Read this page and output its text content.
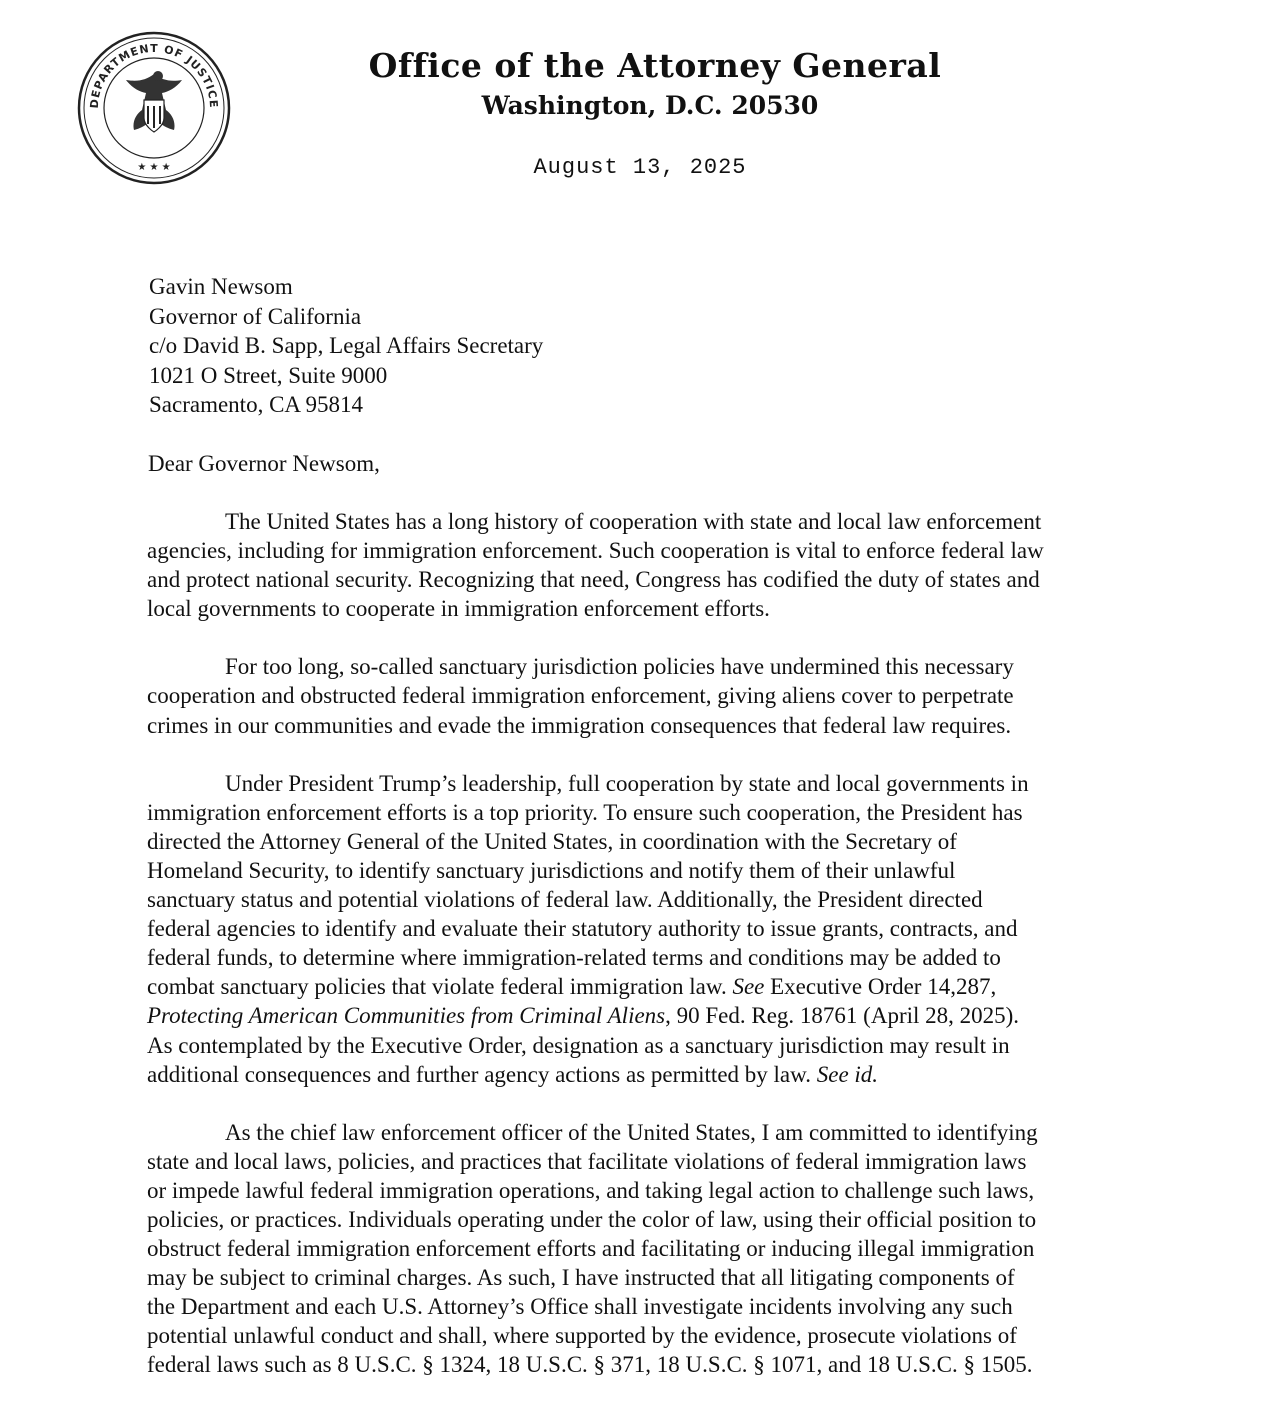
DEPARTMENT OF JUSTICE
★ ★ ★
Office of the Attorney General
Washington, D.C. 20530
August 13, 2025
Gavin Newsom
Governor of California
c/o David B. Sapp, Legal Affairs Secretary
1021 O Street, Suite 9000
Sacramento, CA 95814
Dear Governor Newsom,

The United States has a long history of cooperation with state and local law enforcement
agencies, including for immigration enforcement. Such cooperation is vital to enforce federal law
and protect national security. Recognizing that need, Congress has codified the duty of states and
local governments to cooperate in immigration enforcement efforts.

For too long, so-called sanctuary jurisdiction policies have undermined this necessary
cooperation and obstructed federal immigration enforcement, giving aliens cover to perpetrate
crimes in our communities and evade the immigration consequences that federal law requires.

Under President Trump’s leadership, full cooperation by state and local governments in
immigration enforcement efforts is a top priority. To ensure such cooperation, the President has
directed the Attorney General of the United States, in coordination with the Secretary of
Homeland Security, to identify sanctuary jurisdictions and notify them of their unlawful
sanctuary status and potential violations of federal law. Additionally, the President directed
federal agencies to identify and evaluate their statutory authority to issue grants, contracts, and
federal funds, to determine where immigration-related terms and conditions may be added to
combat sanctuary policies that violate federal immigration law. See Executive Order 14,287,
Protecting American Communities from Criminal Aliens, 90 Fed. Reg. 18761 (April 28, 2025).
As contemplated by the Executive Order, designation as a sanctuary jurisdiction may result in
additional consequences and further agency actions as permitted by law. See id.

As the chief law enforcement officer of the United States, I am committed to identifying
state and local laws, policies, and practices that facilitate violations of federal immigration laws
or impede lawful federal immigration operations, and taking legal action to challenge such laws,
policies, or practices. Individuals operating under the color of law, using their official position to
obstruct federal immigration enforcement efforts and facilitating or inducing illegal immigration
may be subject to criminal charges. As such, I have instructed that all litigating components of
the Department and each U.S. Attorney’s Office shall investigate incidents involving any such
potential unlawful conduct and shall, where supported by the evidence, prosecute violations of
federal laws such as 8 U.S.C. § 1324, 18 U.S.C. § 371, 18 U.S.C. § 1071, and 18 U.S.C. § 1505.
